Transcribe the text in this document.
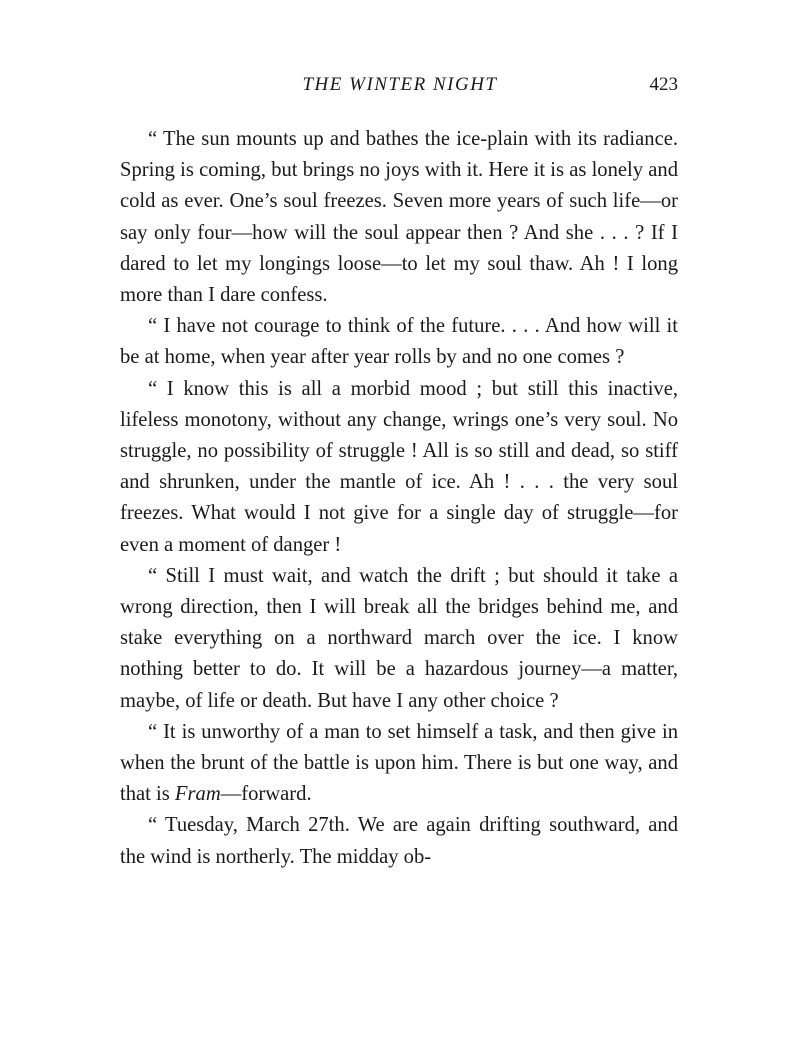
THE WINTER NIGHT	423

“ The sun mounts up and bathes the ice-plain with its radiance. Spring is coming, but brings no joys with it. Here it is as lonely and cold as ever. One’s soul freezes. Seven more years of such life—or say only four—how will the soul appear then ? And she . . . ? If I dared to let my longings loose—to let my soul thaw. Ah ! I long more than I dare confess.

“ I have not courage to think of the future. . . . And how will it be at home, when year after year rolls by and no one comes ?

“ I know this is all a morbid mood ; but still this inactive, lifeless monotony, without any change, wrings one’s very soul. No struggle, no possibility of struggle ! All is so still and dead, so stiff and shrunken, under the mantle of ice. Ah ! . . . the very soul freezes. What would I not give for a single day of struggle—for even a moment of danger !

“ Still I must wait, and watch the drift ; but should it take a wrong direction, then I will break all the bridges behind me, and stake everything on a northward march over the ice. I know nothing better to do. It will be a hazardous journey—a matter, maybe, of life or death. But have I any other choice ?

“ It is unworthy of a man to set himself a task, and then give in when the brunt of the battle is upon him. There is but one way, and that is Fram—forward.

“ Tuesday, March 27th. We are again drifting southward, and the wind is northerly. The midday ob-
